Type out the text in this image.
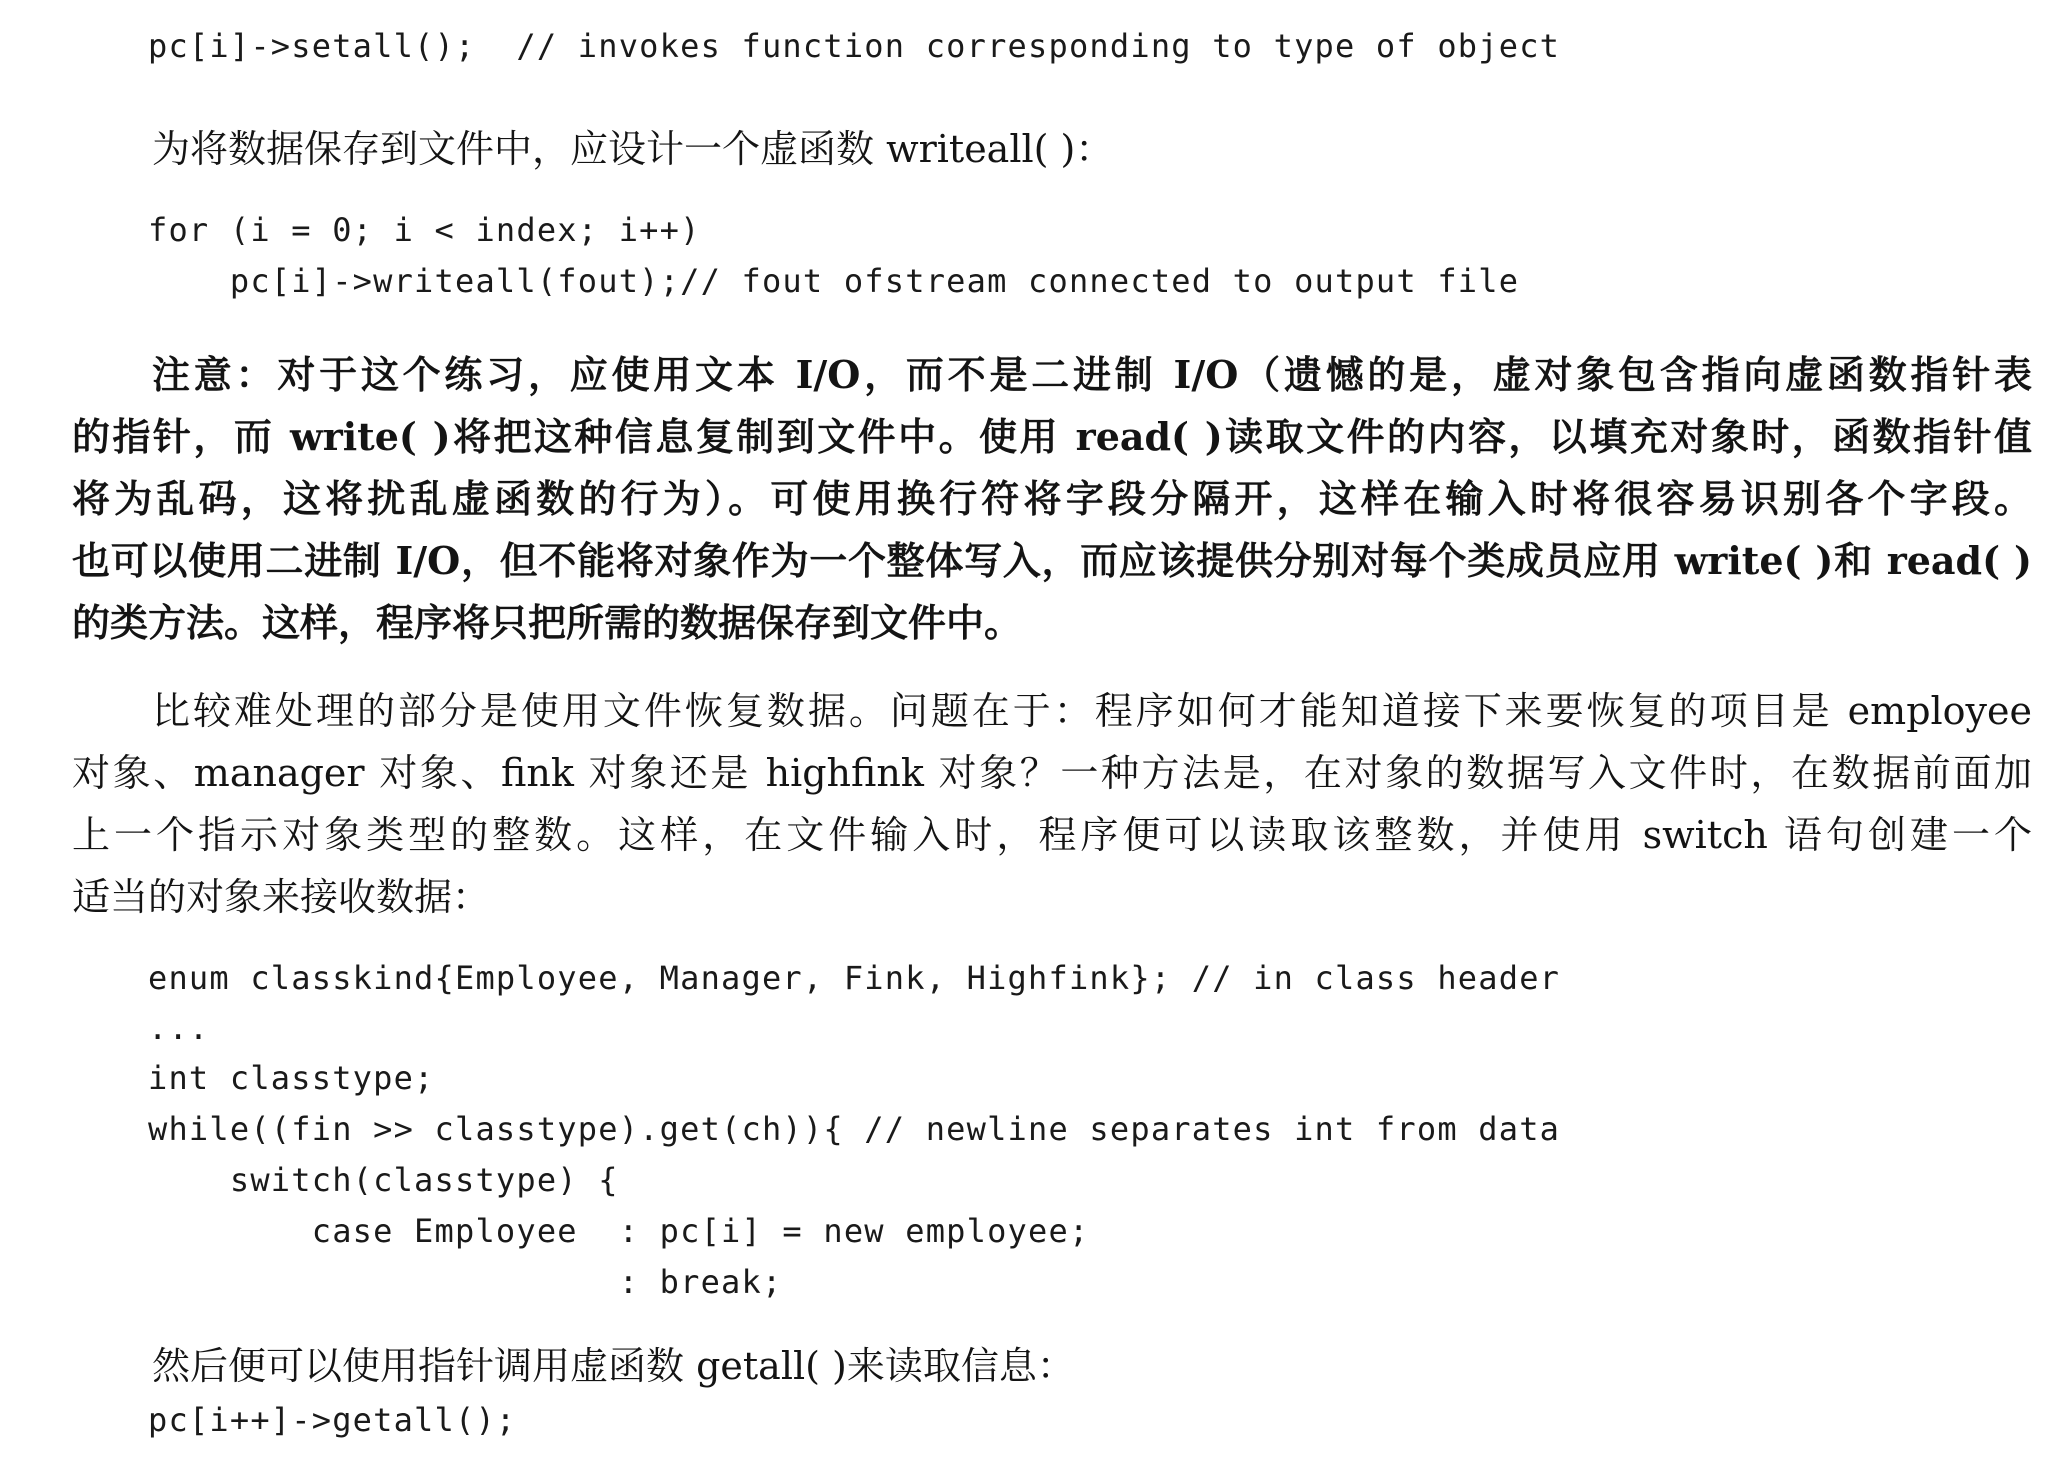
pc[i]->setall();  // invokes function corresponding to type of object
为将数据保存到文件中，应设计一个虚函数 writeall( )：
for (i = 0; i < index; i++)
pc[i]->writeall(fout);// fout ofstream connected to output file
注意：对于这个练习，应使用文本 I/O，而不是二进制 I/O（遗憾的是，虚对象包含指向虚函数指针表
的指针，而 write( )将把这种信息复制到文件中。使用 read( )读取文件的内容，以填充对象时，函数指针值
将为乱码，这将扰乱虚函数的行为）。可使用换行符将字段分隔开，这样在输入时将很容易识别各个字段。
也可以使用二进制 I/O，但不能将对象作为一个整体写入，而应该提供分别对每个类成员应用 write( )和 read( )
的类方法。这样，程序将只把所需的数据保存到文件中。
比较难处理的部分是使用文件恢复数据。问题在于：程序如何才能知道接下来要恢复的项目是 employee
对象、manager 对象、fink 对象还是 highfink 对象？一种方法是，在对象的数据写入文件时，在数据前面加
上一个指示对象类型的整数。这样，在文件输入时，程序便可以读取该整数，并使用 switch 语句创建一个
适当的对象来接收数据：
enum classkind{Employee, Manager, Fink, Highfink}; // in class header
...
int classtype;
while((fin >> classtype).get(ch)){ // newline separates int from data
switch(classtype) {
case Employee  : pc[i] = new employee;
: break;
然后便可以使用指针调用虚函数 getall( )来读取信息：
pc[i++]->getall();
